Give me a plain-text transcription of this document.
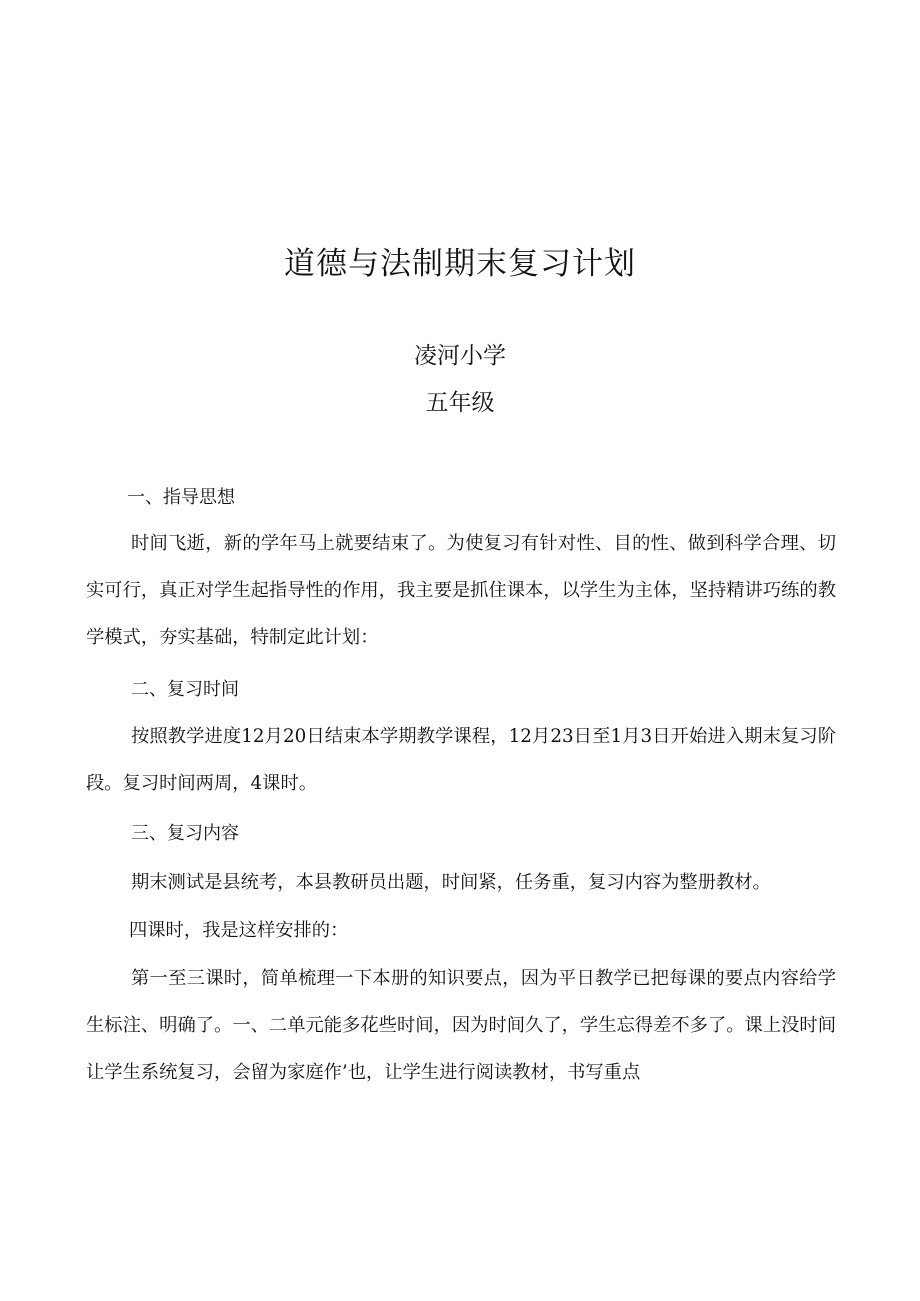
道德与法制期末复习计划
凌河小学
五年级
一、指导思想
时间飞逝，新的学年马上就要结束了。为使复习有针对性、目的性、做到科学合理、切实可行，真正对学生起指导性的作用，我主要是抓住课本，以学生为主体，坚持精讲巧练的教学模式，夯实基础，特制定此计划：
二、复习时间
按照教学进度12月20日结束本学期教学课程，12月23日至1月3日开始进入期末复习阶段。复习时间两周，4课时。
三、复习内容
期末测试是县统考，本县教研员出题，时间紧，任务重，复习内容为整册教材。
四课时，我是这样安排的：
第一至三课时，简单梳理一下本册的知识要点，因为平日教学已把每课的要点内容给学生标注、明确了。一、二单元能多花些时间，因为时间久了，学生忘得差不多了。课上没时间让学生系统复习，会留为家庭作’也，让学生进行阅读教材，书写重点
